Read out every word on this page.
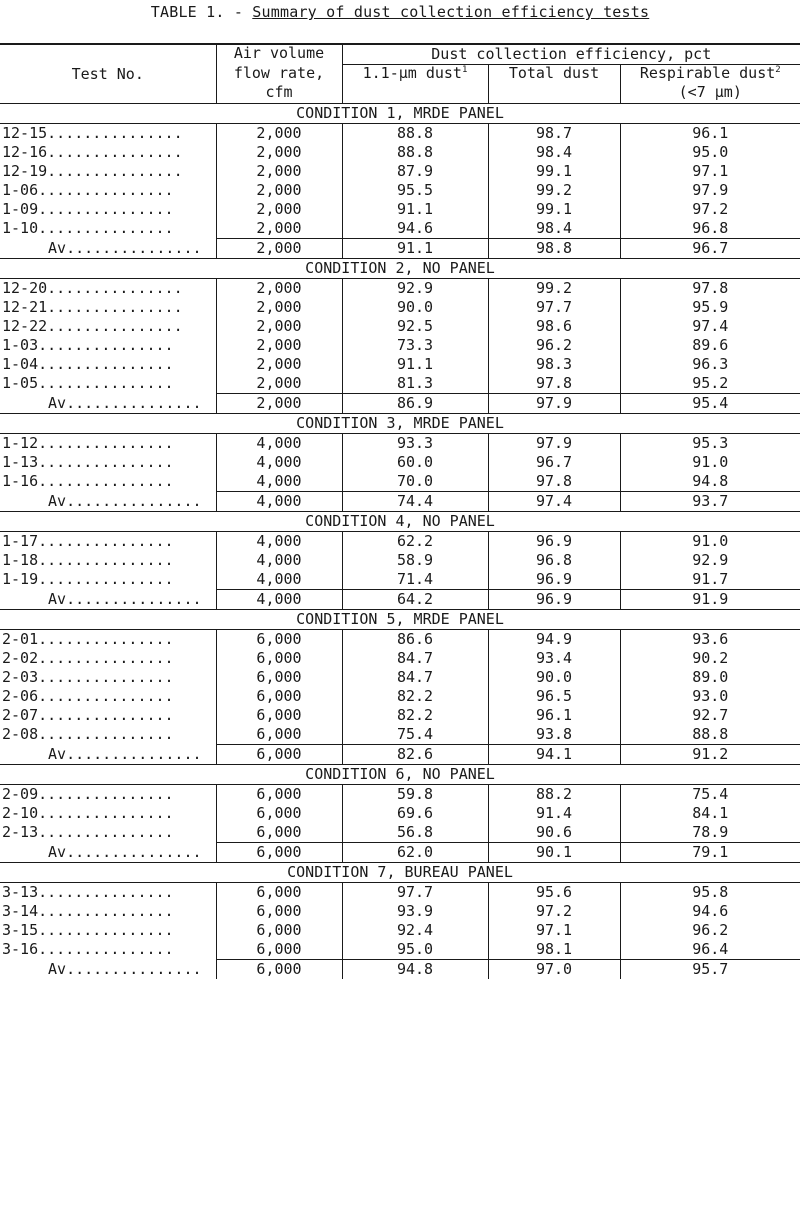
TABLE 1. - Summary of dust collection efficiency tests
Test No.	Air volume	Dust collection efficiency, pct		
	flow rate,	1.1-µm dust$^1$	Total dust	Respirable dust$^2$
	cfm			(<7 µm)
CONDITION 1, MRDE PANEL				
12-15...............	2,000	88.8	98.7	96.1
12-16...............	2,000	88.8	98.4	95.0
12-19...............	2,000	87.9	99.1	97.1
1-06...............	2,000	95.5	99.2	97.9
1-09...............	2,000	91.1	99.1	97.2
1-10...............	2,000	94.6	98.4	96.8
Av...............	2,000	91.1	98.8	96.7
CONDITION 2, NO PANEL				
12-20...............	2,000	92.9	99.2	97.8
12-21...............	2,000	90.0	97.7	95.9
12-22...............	2,000	92.5	98.6	97.4
1-03...............	2,000	73.3	96.2	89.6
1-04...............	2,000	91.1	98.3	96.3
1-05...............	2,000	81.3	97.8	95.2
Av...............	2,000	86.9	97.9	95.4
CONDITION 3, MRDE PANEL				
1-12...............	4,000	93.3	97.9	95.3
1-13...............	4,000	60.0	96.7	91.0
1-16...............	4,000	70.0	97.8	94.8
Av...............	4,000	74.4	97.4	93.7
CONDITION 4, NO PANEL				
1-17...............	4,000	62.2	96.9	91.0
1-18...............	4,000	58.9	96.8	92.9
1-19...............	4,000	71.4	96.9	91.7
Av...............	4,000	64.2	96.9	91.9
CONDITION 5, MRDE PANEL				
2-01...............	6,000	86.6	94.9	93.6
2-02...............	6,000	84.7	93.4	90.2
2-03...............	6,000	84.7	90.0	89.0
2-06...............	6,000	82.2	96.5	93.0
2-07...............	6,000	82.2	96.1	92.7
2-08...............	6,000	75.4	93.8	88.8
Av...............	6,000	82.6	94.1	91.2
CONDITION 6, NO PANEL				
2-09...............	6,000	59.8	88.2	75.4
2-10...............	6,000	69.6	91.4	84.1
2-13...............	6,000	56.8	90.6	78.9
Av...............	6,000	62.0	90.1	79.1
CONDITION 7, BUREAU PANEL				
3-13...............	6,000	97.7	95.6	95.8
3-14...............	6,000	93.9	97.2	94.6
3-15...............	6,000	92.4	97.1	96.2
3-16...............	6,000	95.0	98.1	96.4
Av...............	6,000	94.8	97.0	95.7
